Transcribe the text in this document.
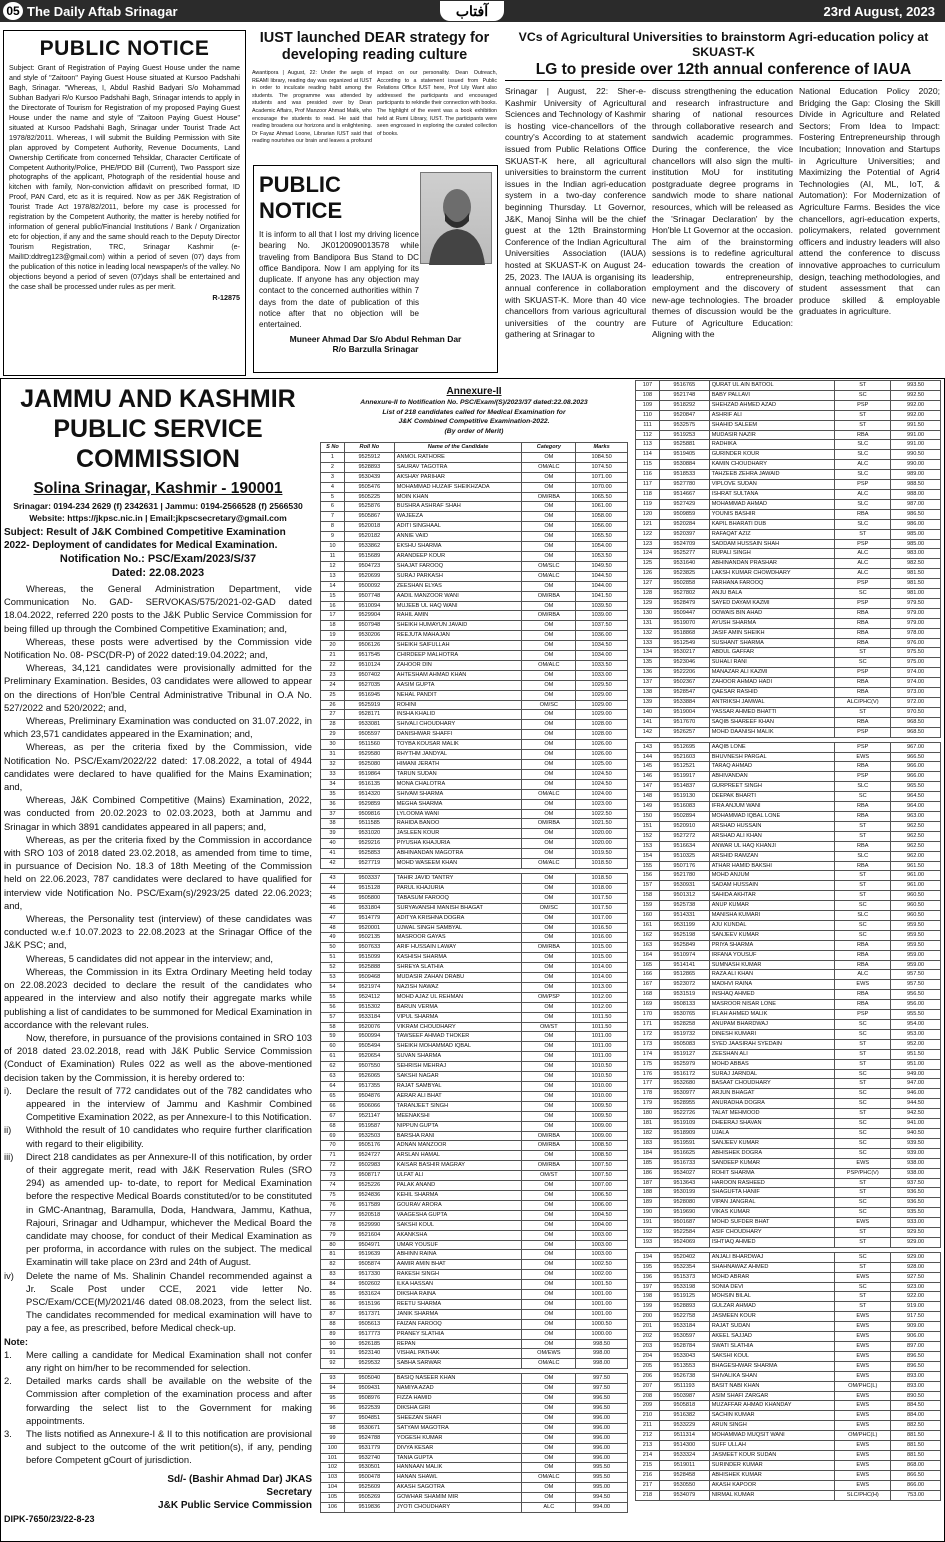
05 The Daily Aftab Srinagar	آفتاب	23rd August, 2023
PUBLIC NOTICE
Subject: Grant of Registration of Paying Guest House under the name and style of "Zaitoon" Paying Guest House situated at Kursoo Padshahi Bagh, Srinagar. "Whereas, I, Abdul Rashid Badyari S/o Mohammad Subhan Badyari R/o Kursoo Padshahi Bagh, Srinagar intends to apply in the Directorate of Tourism for Registration of my proposed Paying Guest House under the name and style of "Zaitoon Paying Guest House" situated at Kursoo Padshahi Bagh, Srinagar under Tourist Trade Act 1978/82/2011. Whereas, I will submit the Building Permission with Site plan approved by Competent Authority, Revenue Documents, Land Ownership Certificate from concerned Tehsildar, Character Certificate of Competent Authority/Police, PHE/PDD Bill (Current), Two Passport size photographs of the applicant, Photograph of the residential house and kitchen with family, Non-conviction affidavit on prescribed format, ID Proof, PAN Card, etc as it is required. Now as per J&K Registration of Tourist Trade Act 1978/82/2011, before my case is processed for registration by the Competent Authority, the matter is hereby notified for information of general public/Financial Institutions / Bank / Organization etc for objection, if any and the same should reach to the Deputy Director Tourism Registration, TRC, Srinagar Kashmir (e-MailID:ddtreg123@gmail.com) within a period of seven (07) days from the publication of this notice in leading local newspaper/s of the valley. No objections beyond a period of seven (07)days shall be entertained and the case shall be processed under rules as per merit.
R-12875
IUST launched DEAR strategy for developing reading culture
Awantipora | August, 22: Under the aegis of REAMI library, reading day was organized at IUST in order to inculcate reading habit among the students. The programme was attended by students and was presided over by Dean Academic Affairs, Prof Manzoor Ahmad Malik, who encourage the students to read. He said that reading broadens our horizons and is enlightening. Dr Fayaz Ahmad Loone, Librarian IUST said that reading nourishes our brain and leaves a profound impact on our personality. Dean Outreach, According to a statement issued from Public Relations Office IUST here, Prof Lily Want also addressed the participants and encouraged participants to rekindle their connection with books. The highlight of the event was a book exhibition held at Rumi Library, IUST. The participants were seen engrossed in exploring the curated collection of books.
PUBLIC NOTICE
It is inform to all that I lost my driving licence bearing No. JK0120090013578 while traveling from Bandipora Bus Stand to DC office Bandipora. Now I am applying for its duplicate. If anyone has any objection may contact to the concerned authorities within 7 days from the date of publication of this notice after that no objection will be entertained.
Muneer Ahmad Dar S/o Abdul Rehman Dar
R/o Barzulla Srinagar
VCs of Agricultural Universities to brainstorm Agri-education policy at SKUAST-K
LG to preside over 12th annual conference of IAUA
Srinagar | August, 22: Sher-e-Kashmir University of Agricultural Sciences and Technology of Kashmir is hosting vice-chancellors of the country's According to at statement issued from Public Relations Office SKUAST-K here, all agricultural universities to brainstorm the current issues in the Indian agri-education system in a two-day conference beginning Thursday. Lt Governor, J&K, Manoj Sinha will be the chief guest at the 12th Brainstorming Conference of the Indian Agricultural Universities Association (IAUA) hosted at SKUAST-K on August 24-25, 2023. The IAUA is organising its annual conference in collaboration with SKUAST-K. More than 40 vice chancellors from various agricultural universities of the country are gathering at Srinagar to
discuss strengthening the education and research infrastructure and sharing of national resources through collaborative research and sandwich academic programmes. During the conference, the vice chancellors will also sign the multi-institution MoU for instituting postgraduate degree programs in sandwich mode to share national resources, which will be released as the 'Srinagar Declaration' by the Hon'ble Lt Governor at the occasion. The aim of the brainstorming sessions is to redefine agricultural education towards the creation of leadership, entrepreneurship, employment and the discovery of new-age technologies. The broader themes of discussion would be the Future of Agriculture Education: Aligning with the
National Education Policy 2020; Bridging the Gap: Closing the Skill Divide in Agriculture and Related Sectors; From Idea to Impact: Fostering Entrepreneurship through Incubation; Innovation and Startups in Agriculture Universities; and Maximizing the Potential of Agri4 Technologies (AI, ML, IoT, & Automation): For Modernization of Agriculture Farms. Besides the vice chancellors, agri-education experts, policymakers, related government officers and industry leaders will also attend the conference to discuss innovative approaches to curriculum design, teaching methodologies, and student assessment that can produce skilled & employable graduates in agriculture.
JAMMU AND KASHMIR
PUBLIC SERVICE COMMISSION
Solina Srinagar, Kashmir - 190001
Srinagar: 0194-234 2629 (f) 2342631 | Jammu: 0194-2566528 (f) 2566530
Website: https://jkpsc.nic.in | Email:jkpscsecretary@gmail.com
Subject: Result of J&K Combined Competitive Examination 2022- Deployment of candidates for Medical Examination.
Notification No.: PSC/Exam/2023/S/37
Dated: 22.08.2023

Whereas, the General Administration Department, vide Communication No. GAD- SERVOKAS/575/2021-02-GAD dated 18.04.2022, referred 220 posts to the J&K Public Service Commission for being filled up through the Combined Competitive Examination; and,

Whereas, these posts were advertised by the Commission vide Notification No. 08- PSC(DR-P) of 2022 dated:19.04.2022; and,

Whereas, 34,121 candidates were provisionally admitted for the Preliminary Examination. Besides, 03 candidates were allowed to appear on the directions of Hon'ble Central Administrative Tribunal in O.A No. 527/2022 and 520/2022; and,

Whereas, Preliminary Examination was conducted on 31.07.2022, in which 23,571 candidates appeared in the Examination; and,

Whereas, as per the criteria fixed by the Commission, vide Notification No. PSC/Exam/2022/22 dated: 17.08.2022, a total of 4944 candidates were declared to have qualified for the Mains Examination; and,

Whereas, J&K Combined Competitive (Mains) Examination, 2022, was conducted from 20.02.2023 to 02.03.2023, both at Jammu and Srinagar in which 3891 candidates appeared in all papers; and,

Whereas, as per the criteria fixed by the Commission in accordance with SRO 103 of 2018 dated 23.02.2018, as amended from time to time, in pursuance of Decision No. 18.3 of 18th Meeting of the Commission held on 22.06.2023, 787 candidates were declared to have qualified for interview vide Notification No. PSC/Exam(s)/2923/25 dated 22.06.2023; and,

Whereas, the Personality test (interview) of these candidates was conducted w.e.f 10.07.2023 to 22.08.2023 at the Srinagar Office of the J&K PSC; and,

Whereas, 5 candidates did not appear in the interview; and,

Whereas, the Commission in its Extra Ordinary Meeting held today on 22.08.2023 decided to declare the result of the candidates who appeared in the interview and also notify their aggregate marks while publishing a list of candidates to be summoned for Medical Examination in accordance with the relevant rules.

Now, therefore, in pursuance of the provisions contained in SRO 103 of 2018 dated 23.02.2018, read with J&K Public Service Commission (Conduct of Examination) Rules 022 as well as the above-mentioned decision taken by the Commission, it is hereby ordered to:

i).	Declare the result of 772 candidates out of the 782 candidates who appeared in the interview of Jammu and Kashmir Combined Competitive Examination 2022, as per Annexure-I to this Notification.

ii)	Withhold the result of 10 candidates who require further clarification with regard to their eligibility.

iii)	Direct 218 candidates as per Annexure-II of this notification, by order of their aggregate merit, read with J&K Reservation Rules (SRO 294) as amended up- to-date, to report for Medical Examination before the respective Medical Boards constituted/or to be constituted in GMC-Anantnag, Baramulla, Doda, Handwara, Jammu, Kathua, Rajouri, Srinagar and Udhampur, whichever the Medical Board the candidate may choose, for conduct of their Medical Examination as per proforma, in accordance with rules on the subject. The medical Examinatin will take place on 23rd and 24th of August.

iv)	Delete the name of Ms. Shalinin Chandel recommended against a Jr. Scale Post under CCE, 2021 vide letter No. PSC/Exam/CCE(M)/2021/46 dated 08.08.2023, from the select list. The candidates recommended for medical examination will have to pay a fee, as prescribed, before Medical check-up.

Note:

1.	Mere calling a candidate for Medical Examination shall not confer any right on him/her to be recommended for selection.

2.	Detailed marks cards shall be available on the website of the Commission after completion of the examination process and after forwarding the select list to the Government for making appointments.

3.	The lists notified as Annexure-I & II to this notification are provisional and subject to the outcome of the writ petition(s), if any, pending before Competent gCourt of jurisdiction.

Sd/- (Bashir Ahmad Dar) JKAS
Secretary
J&K Public Service Commission
DIPK-7650/23/22-8-23
Annexure-II
Annexure-II to Notification No. PSC/Exam/(S)/2023/37 dated:22.08.2023
List of 218 candidates called for Medical Examination for
J&K Combined Competitive Examination-2022.
(By order of Merit)
S No	Roll No	Name of the Candidate	Category	Marks
1	9525912	ANMOL RATHORE	OM	1084.50
2	9528893	SAURAV TAGOTRA	OM/ALC	1074.50
3	9530439	AKSHAY PARIHAR	OM	1071.00
4	9505476	MOHAMMAD HUZAIF SHEIKHZADA	OM	1070.00
5	9505225	MOIN KHAN	OM/RBA	1065.50
6	9525876	BUSHRA ASHRAF SHAH	OM	1061.00
7	9505867	WAJEEZA	OM	1058.00
8	9520018	ADITI SINGHAAL	OM	1056.00
9	9520182	ANNIE VAID	OM	1055.50
10	9533862	EKSHU SHARMA	OM	1054.00
11	9515689	ARANDEEP KOUR	OM	1053.50
12	9504723	SHAJAT FAROOQ	OM/SLC	1049.50
13	9520699	SURAJ PARKASH	OM/ALC	1044.50
14	9500092	ZEESHAN ELYAS	OM	1044.00
15	9507748	AADIL MANZOOR WANI	OM/RBA	1041.50
16	9510094	MUJEEB UL HAQ WANI	OM	1039.50
17	9529904	RAHIL AMIN	OM/RBA	1039.00
18	9507948	SHEIKH HUMAYUN JAVAID	OM	1037.50
19	9530206	REEJUTA MAHAJAN	OM	1036.00
20	9506126	SHEIKH SAIFULLAH	OM	1034.50
21	9517545	CHIRDEEP MALHOTRA	OM	1034.00
22	9510124	ZAHOOR DIN	OM/ALC	1033.50
23	9507402	AHTESHAM AHMAD KHAN	OM	1033.00
24	9527035	AASIM GUPTA	OM	1029.50
25	9516945	NEHAL PANDIT	OM	1029.00
26	9525919	ROHINI	OM/SC	1029.00
27	9528171	INSHA KHALID	OM	1029.00
28	9533081	SHIVALI CHOUDHARY	OM	1028.00
29	9505597	DANISHWAR SHAFFI	OM	1028.00
30	9511560	TOYBA KOUSAR MALIK	OM	1026.00
31	9529580	RHYTHM JANDYAL	OM	1026.00
32	9525080	HIMANI JERATH	OM	1025.00
33	9519864	TARUN SUDAN	OM	1024.50
34	9516135	MONA CHALOTRA	OM	1024.50
35	9514320	SHIVAM SHARMA	OM/ALC	1024.00
36	9529859	MEGHA SHARMA	OM	1023.00
37	9509816	LYLOOMA WANI	OM	1022.50
38	9511585	RAHIDA BANOO	OM/RBA	1021.50
39	9531020	JASLEEN KOUR	OM	1020.00
40	9529216	PIYUSHA KHAJURIA	OM	1020.00
41	9525853	ABHINANDAN MAGOTRA	OM	1019.50
42	9527719	MOHD WASEEM KHAN	OM/ALC	1018.50

43	9503337	TAHIR JAVID TANTRY	OM	1018.50
44	9515128	PARUL KHAJURIA	OM	1018.00
45	9505800	TABASUM FAROOQ	OM	1017.50
46	9531804	SURYAVANSHI MANISH BHAGAT	OM/SC	1017.50
47	9514779	ADITYA KRISHNA DOGRA	OM	1017.00
48	9520001	UJWAL SINGH SAMBYAL	OM	1016.50
49	9502135	MASROOR GAYAS	OM	1016.00
50	9507633	ARIF HUSSAIN LAWAY	OM/RBA	1015.00
51	9515099	KASHISH SHARMA	OM	1015.00
52	9525888	SHREYA SLATHIA	OM	1014.00
53	9509468	MUDASIR ZAHAN DRABU	OM	1014.00
54	9521974	NAZISH NAWAZ	OM	1013.00
55	9524112	MOHD AJAZ UL REHMAN	OM/PSP	1012.00
56	9515302	BARUN VERMA	OM	1012.00
57	9533184	VIPUL SHARMA	OM	1011.50
58	9520076	VIKRAM CHOUDHARY	OM/ST	1011.50
59	9500994	TAWSEEF AHMAD THOKER	OM	1011.00
60	9505494	SHEIKH MOHAMMAD IQBAL	OM	1011.00
61	9520654	SUVAN SHARMA	OM	1011.00
62	9507550	SEHRISH MEHRAJ	OM	1010.50
63	9526065	SAKSHI NAGAR	OM	1010.50
64	9517355	RAJAT SAMBYAL	OM	1010.00
65	9504876	AERAR ALI BHAT	OM	1010.00
66	9506066	TARANJEET SINGH	OM	1009.50
67	9521147	MEENAKSHI	OM	1009.50
68	9519587	NIPPUN GUPTA	OM	1009.00
69	9532503	BARSHA RANI	OM/RBA	1009.00
70	9505176	ADNAN MANZOOR	OM/RBA	1008.50
71	9524727	ARSLAN HAMAL	OM	1008.50
72	9502983	KAISAR BASHIR MAGRAY	OM/RBA	1007.50
73	9508717	ULFAT ALI	OM/ST	1007.50
74	9525226	PALAK ANAND	OM	1007.00
75	9524836	KEHIL SHARMA	OM	1006.50
76	9517589	GOURAV ARORA	OM	1006.00
77	9520518	VAAGESHA GUPTA	OM	1004.50
78	9529990	SAKSHI KOUL	OM	1004.00
79	9521604	AKANKSHA	OM	1003.00
80	9504971	UMAR YOUSUF	OM	1003.00
81	9519639	ABHINN RAINA	OM	1003.00
82	9505874	AAMIR AMIN BHAT	OM	1002.50
83	9517330	RAKESH SINGH	OM	1002.00
84	9502602	ILKA HASSAN	OM	1001.50
85	9531624	DIKSHA RAINA	OM	1001.00
86	9515196	REETU SHARMA	OM	1001.00
87	9517371	JANIK SHARMA	OM	1001.00
88	9505613	FAIZAN FAROOQ	OM	1000.50
89	9517773	PRANEY SLATHIA	OM	1000.00
90	9526185	REPAN	OM	998.50
91	9523140	VISHAL PATHAK	OM/EWS	998.00
92	9529532	SABHA SARWAR	OM/ALC	998.00

93	9505040	BASIQ NASEER KHAN	OM	997.50
94	9509431	NAMIYA AZAD	OM	997.50
95	9508976	FIZZA HAMID	OM	996.50
96	9522539	DIKSHA GIRI	OM	996.50
97	9504851	SHEEZAN SHAFI	OM	996.00
98	9530671	SATYAM MAGOTRA	OM	996.00
99	9524788	YOGESH KUMAR	OM	996.00
100	9531779	DIVYA KESAR	OM	996.00
101	9532740	TANIA GUPTA	OM	996.00
102	9530501	HANNAAN MALIK	OM	995.50
103	9500478	HANAN SHAWL	OM/ALC	995.50
104	9525609	AKASH SAGOTRA	OM	995.00
105	9505269	GOWHAR SHAMIM MIR	OM	994.50
106	9519836	JYOTI CHOUDHARY	ALC	994.00
107	9516765	QURAT UL AIN BATOOL	ST	993.50
108	9521748	BABY PALLAVI	SC	992.50
109	9518292	SHEHZAD AHMED AZAD	PSP	992.00
110	9520847	ASHRIF ALI	ST	992.00
111	9532575	SHAHID SALEEM	ST	991.50
112	9519253	MUDASIR NAZIR	RBA	991.00
113	9525881	RADHIKA	SLC	991.00
114	9519405	GURINDER KOUR	SLC	990.50
115	9530884	KAMIN CHOUDHARY	ALC	990.00
116	9518533	TAHZEEB ZEHRA JAWAID	SLC	989.00
117	9527780	VIPLOVE SUDAN	PSP	988.50
118	9514667	ISHRAT SULTANA	ALC	988.00
119	9527429	MOHAMMAD AHMAD	SLC	987.00
120	9509859	YOUNIS BASHIR	RBA	986.50
121	9520284	KAPIL BHARATI DUB	SLC	986.00
122	9520397	RAFAQAT AZIZ	ST	985.00
123	9524709	SADDAM HUSSAIN SHAH	PSP	985.00
124	9525277	RUPALI SINGH	ALC	983.00
125	9531640	ABHINANDAN PRASHAR	ALC	982.50
126	9523825	LAKSH KUMAR CHOWDHARY	ALC	981.50
127	9502858	FARHANA FAROOQ	PSP	981.50
128	9527802	ANJU BALA	SC	981.00
129	9528479	SAYED DAYAM KAZMI	PSP	979.50
130	9509447	OOWAIS BIN AHAD	RBA	979.00
131	9519070	AYUSH SHARMA	RBA	979.00
132	9518868	JASIF AMIN SHEIKH	RBA	978.00
133	9512549	SUSHANT SHARMA	RBA	976.00
134	9530217	ABDUL GAFFAR	ST	975.50
135	9523046	SUHALI RANI	SC	975.00
136	9522206	MANAZAR ALI KAZMI	PSP	974.00
137	9502367	ZAHOOR AHMAD HADI	RBA	974.00
138	9528547	QAESAR RASHID	RBA	973.00
139	9533884	ANTRIKSH JAMWAL	ALC/PHC(V)	972.00
140	9519004	YASSAR AHMED BHATTI	ST	970.50
141	9517670	SAQIB SHAREEF KHAN	RBA	968.50
142	9526257	MOHD DAANISH MALIK	PSP	968.50

143	9512695	AAQIB LONE	PSP	967.00
144	9521603	BHUVNESH PARGAL	EWS	966.50
145	9512521	TARAQ AHMAD	RBA	966.00
146	9519917	ABHIVANDAN	PSP	966.00
147	9514837	GURPREET SINGH	SLC	965.50
148	9519130	DEEPAK BHARTI	SC	964.50
149	9516083	IFRA ANJUM WANI	RBA	964.00
150	9502894	MOHAMMAD IQBAL LONE	RBA	963.00
151	9520910	ARSHAD HUSSAIN	ST	962.50
152	9527272	ARSHAD ALI KHAN	ST	962.50
153	9516634	ANWAR UL HAQ KHANJI	RBA	962.50
154	9510325	ARSHID RAMZAN	SLC	962.00
155	9507176	ATHAR HAMID BAKSHI	RBA	961.50
156	9521780	MOHD ANJUM	ST	961.00
157	9530931	SADAM HUSSAIN	ST	961.00
158	9501312	SAHIDA AKHTAR	ST	960.50
159	9525738	ANUP KUMAR	SC	960.50
160	9514331	MANISHA KUMARI	SLC	960.50
161	9531199	AJU KUNDAL	SC	959.50
162	9525198	SANJEEV KUMAR	SC	959.50
163	9525849	PRIYA SHARMA	RBA	959.50
164	9510974	IRFANA YOUSUF	RBA	959.00
165	9514141	SUMNASH KUMAR	RBA	959.00
166	9512865	RAZA ALI KHAN	ALC	957.50
167	9523072	MADHVI RAINA	EWS	957.50
168	9531519	INSHAQ AHMED	RBA	956.50
169	9508133	MASROOR NISAR LONE	RBA	956.00
170	9530765	IFLAH AHMED MALIK	PSP	955.50
171	9528258	ANUPAM BHARDWAJ	SC	954.00
172	9519732	DINESH KUMARI	SC	953.00
173	9505083	SYED JAASIRAH SYEDAIN	ST	952.00
174	9519127	ZEESHAN ALI	ST	951.50
175	9525979	MOHD ABBAS	ST	951.00
176	9516172	SURAJ JARNDAL	SC	949.00
177	9532680	BASAAT CHOUDHARY	ST	947.00
178	9530977	ARJUN BHAGAT	SC	946.00
179	9528955	ANURADHA DOGRA	SC	944.50
180	9522726	TALAT MEHMOOD	ST	942.50
181	9519109	DHEERAJ SHAVAN	SC	941.00
182	9518909	UJALA	SC	940.50
183	9519591	SANJEEV KUMAR	SC	939.50
184	9516625	ABHISHEK DOGRA	SC	939.00
185	9516733	SANDEEP KUMAR	EWS	938.00
186	9534027	ROHIT SHARMA	PSP/PHC(V)	938.00
187	9513643	HAROON RASHEED	ST	937.50
188	9530199	SHAGUFTA HANIF	ST	936.50
189	9528080	VIPAN JANGRAL	SC	936.50
190	9519690	VIKAS KUMAR	SC	935.50
191	9501687	MOHD SUFDER BHAT	EWS	933.00
192	9522584	ASIF CHOUDHARY	ST	929.50
193	9524069	ISHTIAQ AHMED	ST	929.00

194	9520402	ANJALI BHARDWAJ	SC	929.00
195	9532354	SHAHNAWAZ AHMED	ST	928.00
196	9515373	MOHD ABRAR	EWS	927.50
197	9533198	SONIA DEVI	SC	923.00
198	9519125	MOHSIN BILAL	ST	922.00
199	9528893	GULZAR AHMAD	ST	919.00
200	9522758	JASMEEN KOUR	EWS	917.50
201	9533184	RAJAT SUDAN	EWS	909.00
202	9530597	AKEEL SAJJAD	EWS	906.00
203	9528784	SWATI SLATHIA	EWS	897.00
204	9533043	SAKSHI KOUL	EWS	896.50
205	9513553	BHAGESHWAR SHARMA	EWS	896.50
206	9526738	SHIVALIKA SHAN	EWS	893.00
207	9511193	BASIT NABI KHAN	OM/PHC(L)	893.00
208	9503987	ASIM SHAFI ZARGAR	EWS	890.50
209	9505818	MUZAFFAR AHMAD KHANDAY	EWS	884.50
210	9516382	SACHIN KUMAR	EWS	884.00
211	9533229	ARUN SINGH	EWS	882.50
212	9511314	MOHAMMAD MUQSIT WANI	OM/PHC(L)	881.50
213	9514300	SUFF ULLAH	EWS	881.50
214	9533324	JASMEET KOUR SUDAN	EWS	881.50
215	9519011	SURINDER KUMAR	EWS	868.00
216	9528458	ABHISHEK KUMAR	EWS	866.50
217	9530550	AKASH KAPOOR	EWS	866.00
218	9534079	NIRMAL KUMAR	SLC/PHC(H)	753.00
